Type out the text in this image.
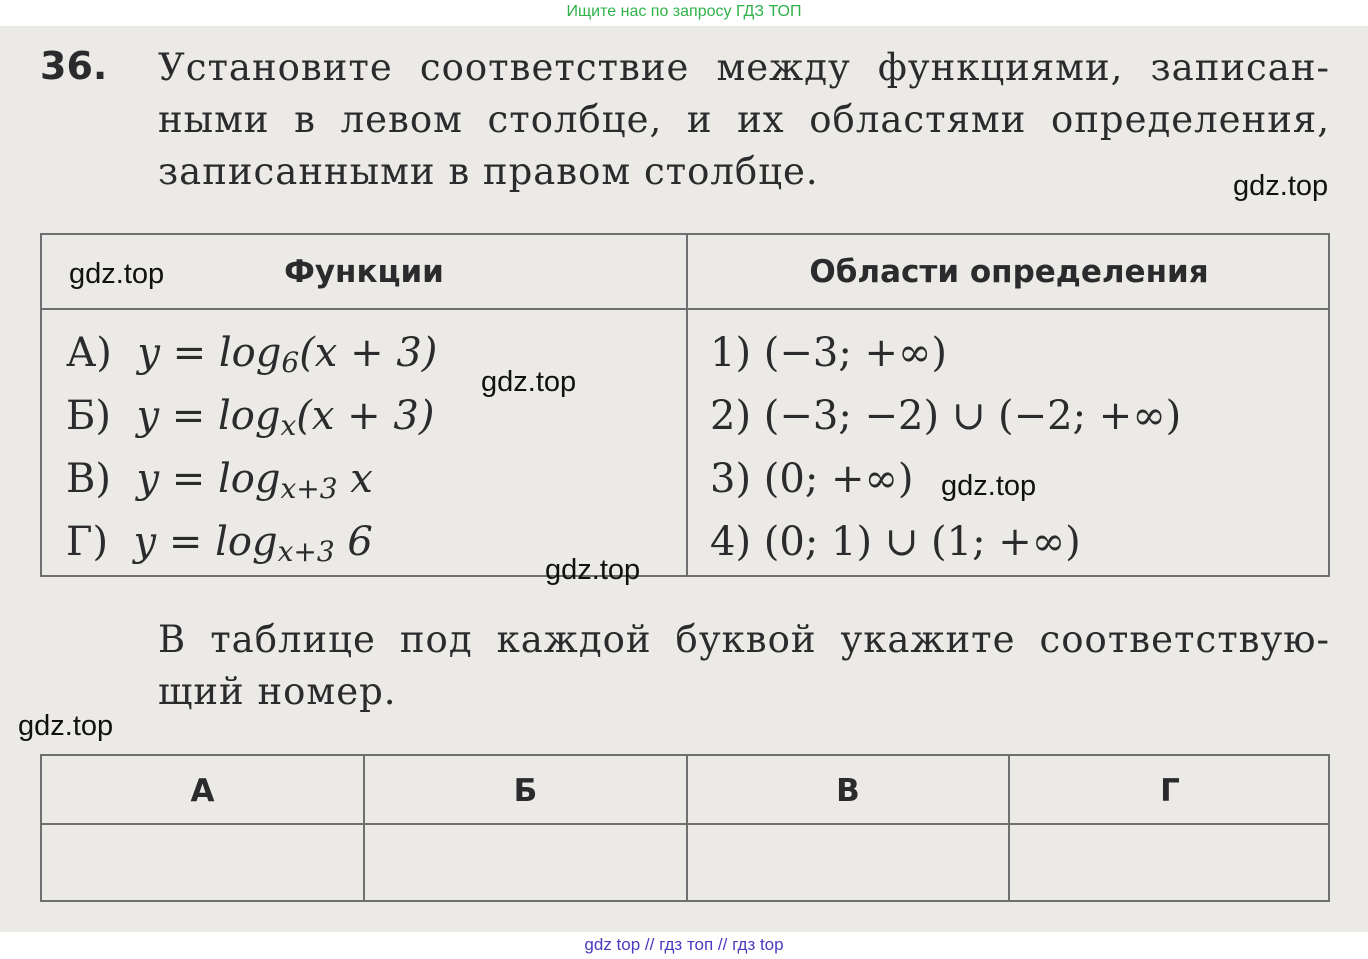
Ищите нас по запросу ГДЗ ТОП
36. Установите соответствие между функциями, записан-
ными в левом столбце, и их областями определения,
записанными в правом столбце.
Функции	Области определения
А) $y = \log_6(x + 3)$
Б) $y = \log_x(x + 3)$
В) $y = \log_{x+3} x$
Г) $y = \log_{x+3} 6$
1) (−3; +∞)
2) (−3; −2) ∪ (−2; +∞)
3) (0; +∞)
4) (0; 1) ∪ (1; +∞)
В таблице под каждой буквой укажите соответствую-
щий номер.
А	Б	В	Г
gdz.top
gdz.top
gdz.top
gdz.top
gdz.top
gdz.top
gdz top // гдз топ // гдз top
